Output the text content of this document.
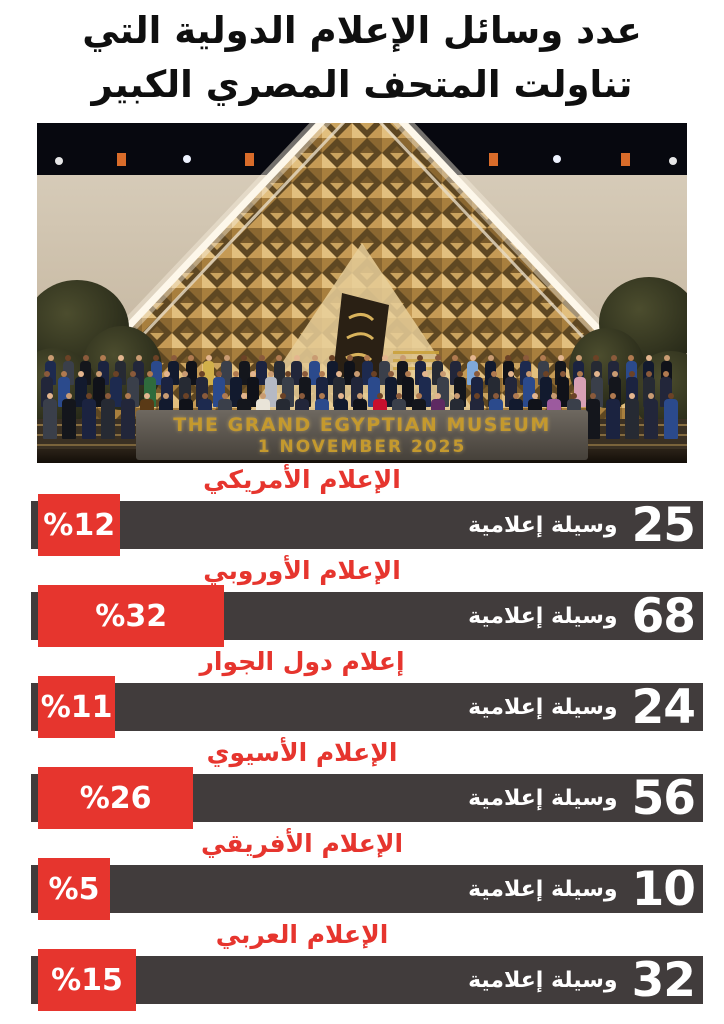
عدد وسائل الإعلام الدولية التي
تناولت المتحف المصري الكبير
THE GRAND EGYPTIAN MUSEUM
1 NOVEMBER 2025
الإعلام الأمريكي
%12	25
وسيلة إعلامية
الإعلام الأوروبي
%32	68
وسيلة إعلامية
إعلام دول الجوار
%11	24
وسيلة إعلامية
الإعلام الأسيوي
%26	56
وسيلة إعلامية
الإعلام الأفريقي
%5	10
وسيلة إعلامية
الإعلام العربي
%15	32
وسيلة إعلامية
